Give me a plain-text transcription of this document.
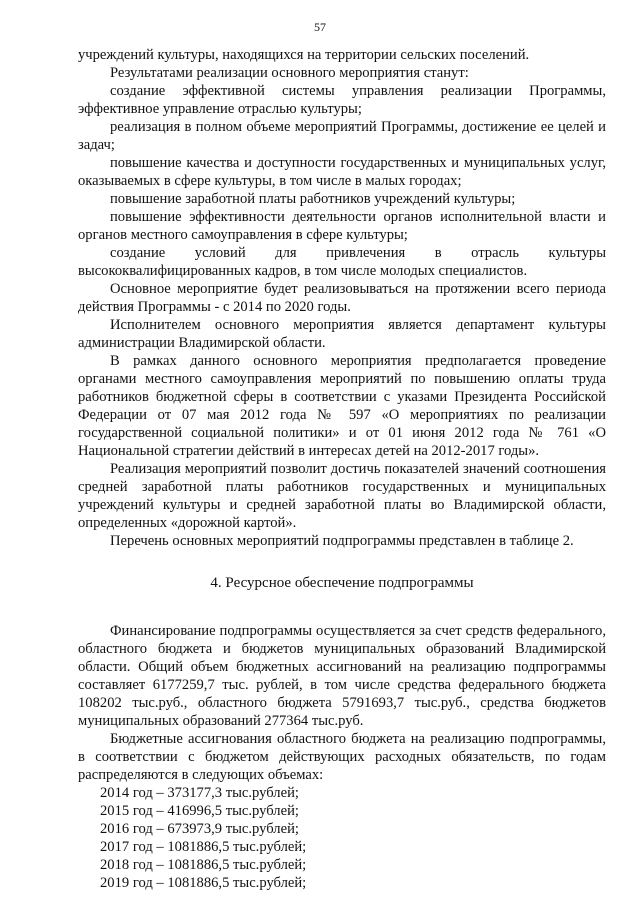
57

учреждений культуры, находящихся на территории сельских поселений.

Результатами реализации основного мероприятия станут:

создание эффективной системы управления реализации Программы, эффективное управление отраслью культуры;

реализация в полном объеме мероприятий Программы, достижение ее целей и задач;

повышение качества и доступности государственных и муниципальных услуг, оказываемых в сфере культуры, в том числе в малых городах;

повышение заработной платы работников учреждений культуры;

повышение эффективности деятельности органов исполнительной власти и органов местного самоуправления в сфере культуры;

создание условий для привлечения в отрасль культуры высококвалифицированных кадров, в том числе молодых специалистов.

Основное мероприятие будет реализовываться на протяжении всего периода действия Программы - с 2014 по 2020 годы.

Исполнителем основного мероприятия является департамент культуры администрации Владимирской области.

В рамках данного основного мероприятия предполагается проведение органами местного самоуправления мероприятий по повышению оплаты труда работников бюджетной сферы в соответствии с указами Президента Российской Федерации от 07 мая 2012 года № 597 «О мероприятиях по реализации государственной социальной политики» и от 01 июня 2012 года № 761 «О Национальной стратегии действий в интересах детей на 2012-2017 годы».

Реализация мероприятий позволит достичь показателей значений соотношения средней заработной платы работников государственных и муниципальных учреждений культуры и средней заработной платы во Владимирской области, определенных «дорожной картой».

Перечень основных мероприятий подпрограммы представлен в таблице 2.

4. Ресурсное обеспечение подпрограммы

Финансирование подпрограммы осуществляется за счет средств федерального, областного бюджета и бюджетов муниципальных образований Владимирской области. Общий объем бюджетных ассигнований на реализацию подпрограммы составляет 6177259,7 тыс. рублей, в том числе средства федерального бюджета 108202 тыс.руб., областного бюджета 5791693,7 тыс.руб., средства бюджетов муниципальных образований 277364 тыс.руб.

Бюджетные ассигнования областного бюджета на реализацию подпрограммы, в соответствии с бюджетом действующих расходных обязательств, по годам распределяются в следующих объемах:

2014 год – 373177,3 тыс.рублей;

2015 год – 416996,5 тыс.рублей;

2016 год – 673973,9 тыс.рублей;

2017 год – 1081886,5 тыс.рублей;

2018 год – 1081886,5 тыс.рублей;

2019 год – 1081886,5 тыс.рублей;
